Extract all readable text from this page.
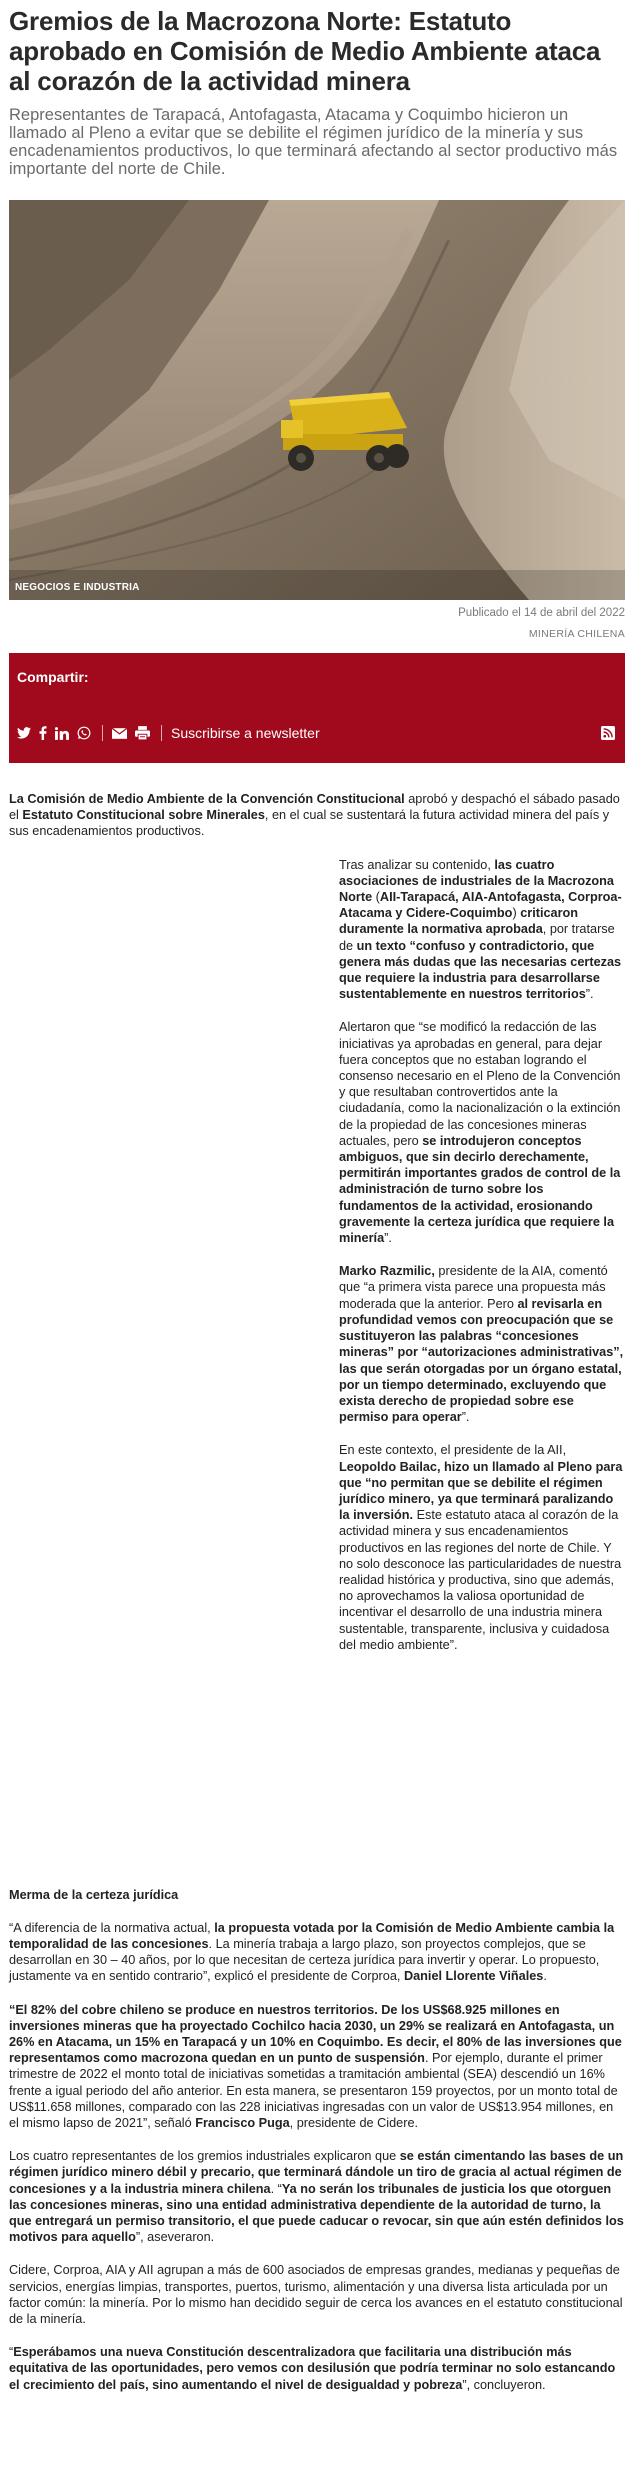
Gremios de la Macrozona Norte: Estatuto aprobado en Comisión de Medio Ambiente ataca al corazón de la actividad minera

Representantes de Tarapacá, Antofagasta, Atacama y Coquimbo hicieron un llamado al Pleno a evitar que se debilite el régimen jurídico de la minería y sus encadenamientos productivos, lo que terminará afectando al sector productivo más importante del norte de Chile.

NEGOCIOS E INDUSTRIA
Publicado el 14 de abril del 2022
MINERÍA CHILENA
Compartir:
Suscribirse a newsletter

La Comisión de Medio Ambiente de la Convención Constitucional aprobó y despachó el sábado pasado el Estatuto Constitucional sobre Minerales, en el cual se sustentará la futura actividad minera del país y sus encadenamientos productivos.

Tras analizar su contenido, las cuatro asociaciones de industriales de la Macrozona Norte (AII-Tarapacá, AIA-Antofagasta, Corproa-Atacama y Cidere-Coquimbo) criticaron duramente la normativa aprobada, por tratarse de un texto “confuso y contradictorio, que genera más dudas que las necesarias certezas que requiere la industria para desarrollarse sustentablemente en nuestros territorios”.

Alertaron que “se modificó la redacción de las iniciativas ya aprobadas en general, para dejar fuera conceptos que no estaban logrando el consenso necesario en el Pleno de la Convención y que resultaban controvertidos ante la ciudadanía, como la nacionalización o la extinción de la propiedad de las concesiones mineras actuales, pero se introdujeron conceptos ambiguos, que sin decirlo derechamente, permitirán importantes grados de control de la administración de turno sobre los fundamentos de la actividad, erosionando gravemente la certeza jurídica que requiere la minería”.

Marko Razmilic, presidente de la AIA, comentó que “a primera vista parece una propuesta más moderada que la anterior. Pero al revisarla en profundidad vemos con preocupación que se sustituyeron las palabras “concesiones mineras” por “autorizaciones administrativas”, las que serán otorgadas por un órgano estatal, por un tiempo determinado, excluyendo que exista derecho de propiedad sobre ese permiso para operar”.

En este contexto, el presidente de la AII, Leopoldo Bailac, hizo un llamado al Pleno para que “no permitan que se debilite el régimen jurídico minero, ya que terminará paralizando la inversión. Este estatuto ataca al corazón de la actividad minera y sus encadenamientos productivos en las regiones del norte de Chile. Y no solo desconoce las particularidades de nuestra realidad histórica y productiva, sino que además, no aprovechamos la valiosa oportunidad de incentivar el desarrollo de una industria minera sustentable, transparente, inclusiva y cuidadosa del medio ambiente”.

Merma de la certeza jurídica

“A diferencia de la normativa actual, la propuesta votada por la Comisión de Medio Ambiente cambia la temporalidad de las concesiones. La minería trabaja a largo plazo, son proyectos complejos, que se desarrollan en 30 – 40 años, por lo que necesitan de certeza jurídica para invertir y operar. Lo propuesto, justamente va en sentido contrario”, explicó el presidente de Corproa, Daniel Llorente Viñales.

“El 82% del cobre chileno se produce en nuestros territorios. De los US$68.925 millones en inversiones mineras que ha proyectado Cochilco hacia 2030, un 29% se realizará en Antofagasta, un 26% en Atacama, un 15% en Tarapacá y un 10% en Coquimbo. Es decir, el 80% de las inversiones que representamos como macrozona quedan en un punto de suspensión. Por ejemplo, durante el primer trimestre de 2022 el monto total de iniciativas sometidas a tramitación ambiental (SEA) descendió un 16% frente a igual periodo del año anterior. En esta manera, se presentaron 159 proyectos, por un monto total de US$11.658 millones, comparado con las 228 iniciativas ingresadas con un valor de US$13.954 millones, en el mismo lapso de 2021”, señaló Francisco Puga, presidente de Cidere.

Los cuatro representantes de los gremios industriales explicaron que se están cimentando las bases de un régimen jurídico minero débil y precario, que terminará dándole un tiro de gracia al actual régimen de concesiones y a la industria minera chilena. “Ya no serán los tribunales de justicia los que otorguen las concesiones mineras, sino una entidad administrativa dependiente de la autoridad de turno, la que entregará un permiso transitorio, el que puede caducar o revocar, sin que aún estén definidos los motivos para aquello”, aseveraron.

Cidere, Corproa, AIA y AII agrupan a más de 600 asociados de empresas grandes, medianas y pequeñas de servicios, energías limpias, transportes, puertos, turismo, alimentación y una diversa lista articulada por un factor común: la minería. Por lo mismo han decidido seguir de cerca los avances en el estatuto constitucional de la minería.

“Esperábamos una nueva Constitución descentralizadora que facilitaria una distribución más equitativa de las oportunidades, pero vemos con desilusión que podría terminar no solo estancando el crecimiento del país, sino aumentando el nivel de desigualdad y pobreza”, concluyeron.
